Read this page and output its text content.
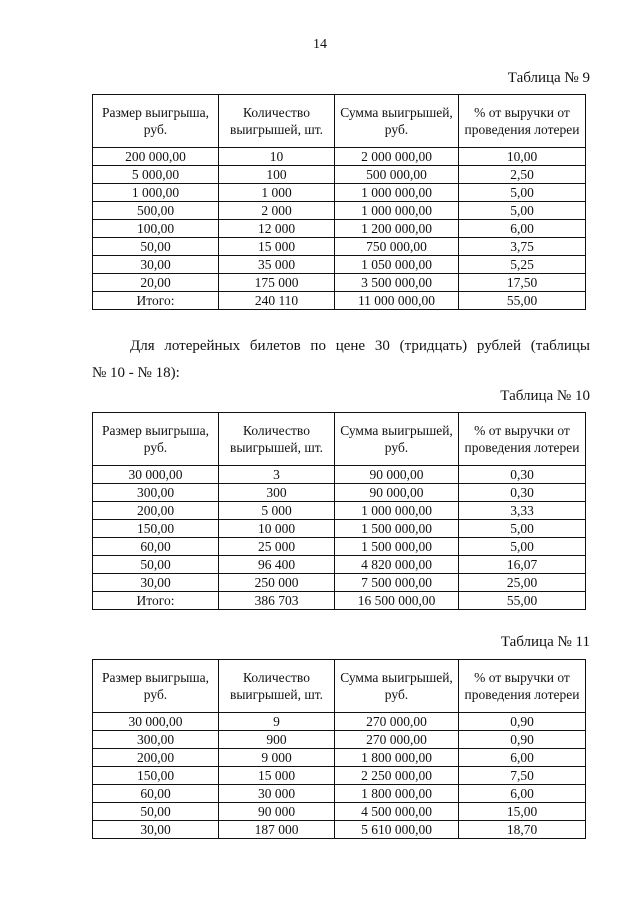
14
Таблица № 9
Размер выигрыша, руб.	Количество выигрышей, шт.	Сумма выигрышей, руб.	% от выручки от проведения лотереи
200 000,00	10	2 000 000,00	10,00
5 000,00	100	500 000,00	2,50
1 000,00	1 000	1 000 000,00	5,00
500,00	2 000	1 000 000,00	5,00
100,00	12 000	1 200 000,00	6,00
50,00	15 000	750 000,00	3,75
30,00	35 000	1 050 000,00	5,25
20,00	175 000	3 500 000,00	17,50
Итого:	240 110	11 000 000,00	55,00
Для лотерейных билетов по цене 30 (тридцать) рублей (таблицы
№ 10 - № 18):
Таблица № 10
Размер выигрыша, руб.	Количество выигрышей, шт.	Сумма выигрышей, руб.	% от выручки от проведения лотереи
30 000,00	3	90 000,00	0,30
300,00	300	90 000,00	0,30
200,00	5 000	1 000 000,00	3,33
150,00	10 000	1 500 000,00	5,00
60,00	25 000	1 500 000,00	5,00
50,00	96 400	4 820 000,00	16,07
30,00	250 000	7 500 000,00	25,00
Итого:	386 703	16 500 000,00	55,00
Таблица № 11
Размер выигрыша, руб.	Количество выигрышей, шт.	Сумма выигрышей, руб.	% от выручки от проведения лотереи
30 000,00	9	270 000,00	0,90
300,00	900	270 000,00	0,90
200,00	9 000	1 800 000,00	6,00
150,00	15 000	2 250 000,00	7,50
60,00	30 000	1 800 000,00	6,00
50,00	90 000	4 500 000,00	15,00
30,00	187 000	5 610 000,00	18,70
